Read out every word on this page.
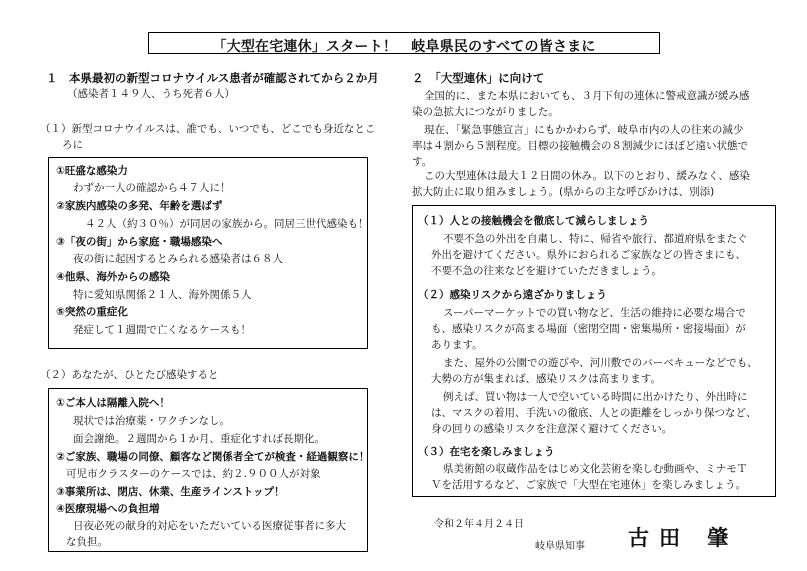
「大型在宅連休」スタート！　岐阜県民のすべての皆さまに
１　本県最初の新型コロナウイルス患者が確認されてから２か月
（感染者１４９人、うち死者６人）
（１）新型コロナウイルスは、誰でも、いつでも、どこでも身近なとこ
ろに
①旺盛な感染力
わずか一人の確認から４７人に！
②家族内感染の多発、年齢を選ばず
４２人（約３０％）が同居の家族から。同居三世代感染も！
③「夜の街」から家庭・職場感染へ
夜の街に起因するとみられる感染者は６８人
④他県、海外からの感染
特に愛知県関係２１人、海外関係５人
⑤突然の重症化
発症して１週間で亡くなるケースも！
（２）あなたが、ひとたび感染すると
①ご本人は隔離入院へ！
現状では治療薬・ワクチンなし。
面会謝絶。２週間から１か月、重症化すれば長期化。
②ご家族、職場の同僚、顧客など関係者全てが検査・経過観察に！
可児市クラスターのケースでは、約２.９００人が対象
③事業所は、閉店、休業、生産ラインストップ！
④医療現場への負担増
日夜必死の献身的対応をいただいている医療従事者に多大
な負担。
２　「大型連休」に向けて
全国的に、また本県においても、３月下旬の連休に警戒意識が緩み感
染の急拡大につながりました。
現在、「緊急事態宣言」にもかかわらず、岐阜市内の人の往来の減少
率は４割から５割程度。目標の接触機会の８割減少にほぼど遠い状態で
す。
この大型連休は最大１２日間の休み。以下のとおり、緩みなく、感染
拡大防止に取り組みましょう。(県からの主な呼びかけは、別添)
（１）人との接触機会を徹底して減らしましょう
不要不急の外出を自粛し、特に、帰省や旅行、都道府県をまたぐ
外出を避けてください。県外におられるご家族などの皆さまにも、
不要不急の往来などを避けていただきましょう。
（２）感染リスクから遠ざかりましょう
スーパーマーケットでの買い物など、生活の維持に必要な場合で
も、感染リスクが高まる場面（密閉空間・密集場所・密接場面）が
あります。
また、屋外の公園での遊びや、河川敷でのバーベキューなどでも、
大勢の方が集まれば、感染リスクは高まります。
例えば、買い物は一人で空いている時間に出かけたり、外出時に
は、マスクの着用、手洗いの徹底、人との距離をしっかり保つなど、
身の回りの感染リスクを注意深く避けてください。
（３）在宅を楽しみましょう
県美術館の収蔵作品をはじめ文化芸術を楽しむ動画や、ミナモＴ
Ｖを活用するなど、ご家族で「大型在宅連休」を楽しみましょう。
令和２年４月２４日
岐阜県知事 古田 肇
